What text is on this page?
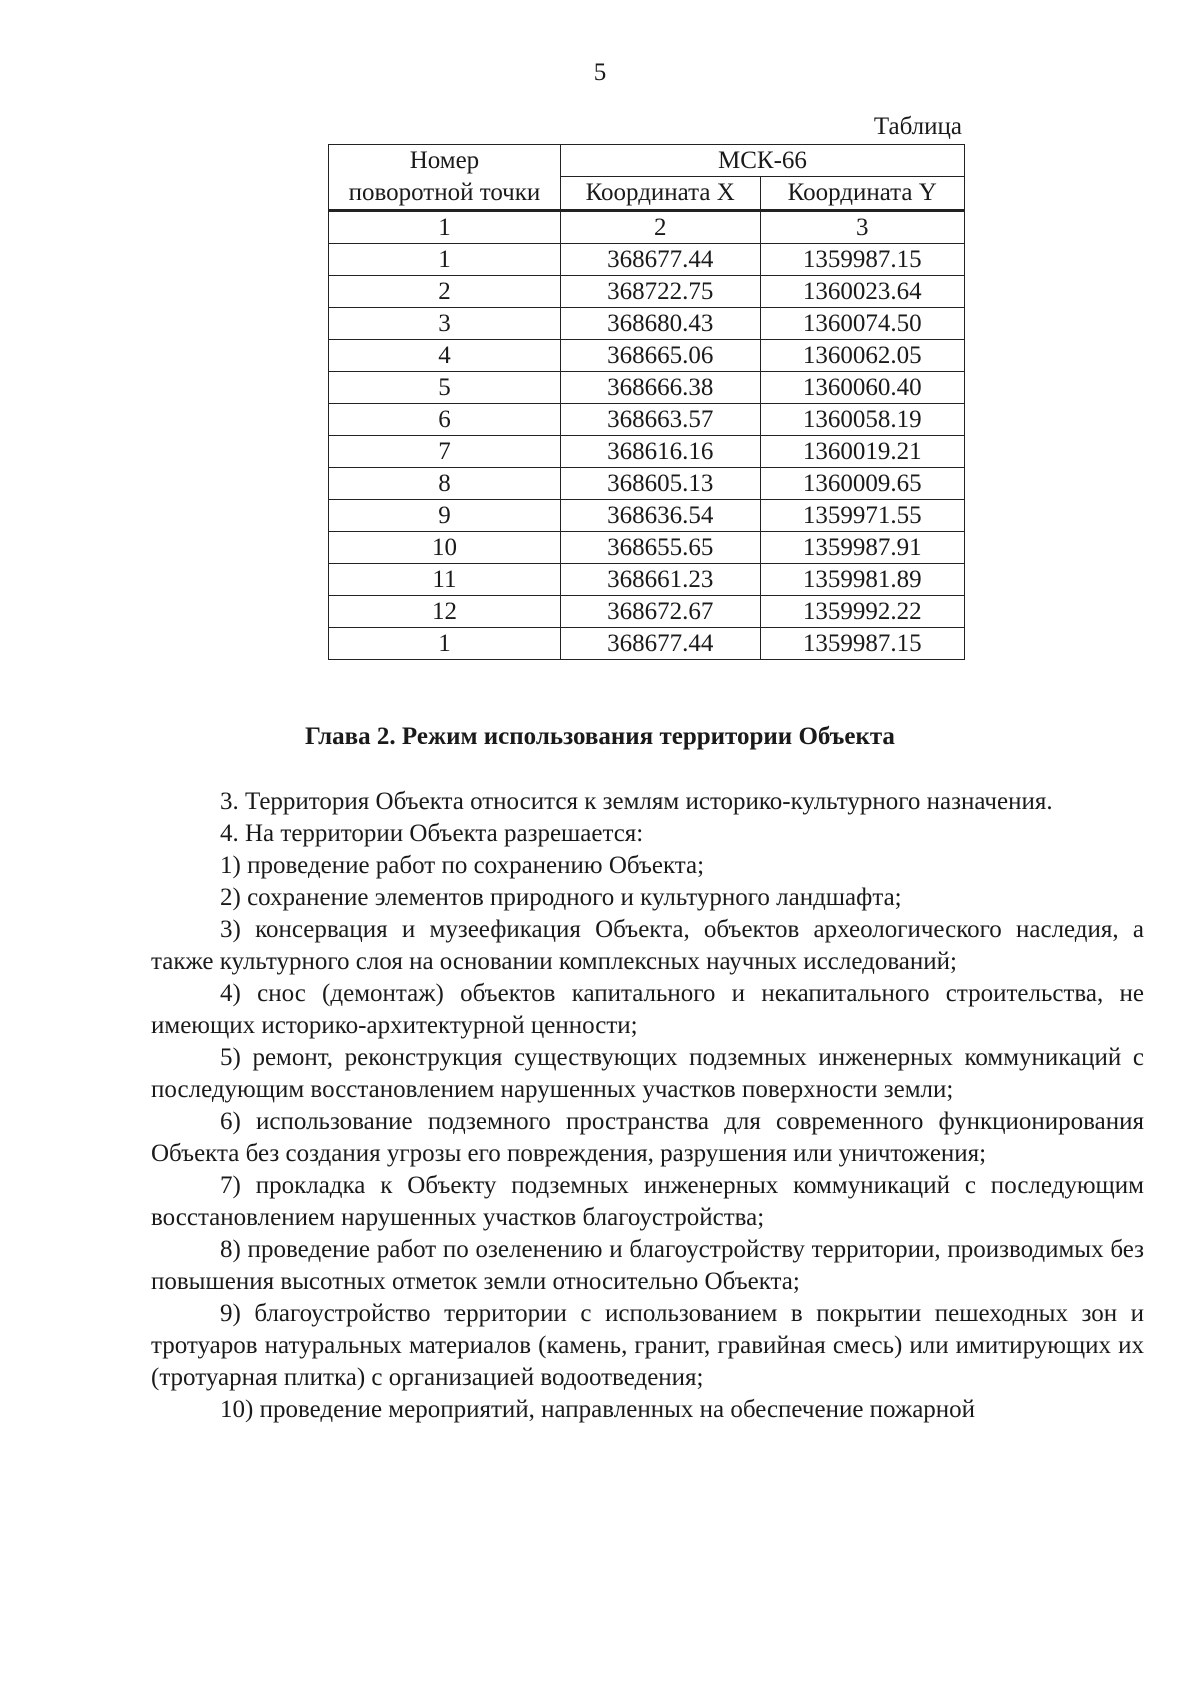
5
Таблица
Номер
поворотной точки	МСК-66	
	Координата X	Координата Y
1	2	3
1	368677.44	1359987.15
2	368722.75	1360023.64
3	368680.43	1360074.50
4	368665.06	1360062.05
5	368666.38	1360060.40
6	368663.57	1360058.19
7	368616.16	1360019.21
8	368605.13	1360009.65
9	368636.54	1359971.55
10	368655.65	1359987.91
11	368661.23	1359981.89
12	368672.67	1359992.22
1	368677.44	1359987.15
Глава 2. Режим использования территории Объекта

3. Территория Объекта относится к землям историко-культурного назначения.

4. На территории Объекта разрешается:

1) проведение работ по сохранению Объекта;

2) сохранение элементов природного и культурного ландшафта;

3) консервация и музеефикация Объекта, объектов археологического наследия, а также культурного слоя на основании комплексных научных исследований;

4) снос (демонтаж) объектов капитального и некапитального строительства, не имеющих историко-архитектурной ценности;

5) ремонт, реконструкция существующих подземных инженерных коммуникаций с последующим восстановлением нарушенных участков поверхности земли;

6) использование подземного пространства для современного функционирования Объекта без создания угрозы его повреждения, разрушения или уничтожения;

7) прокладка к Объекту подземных инженерных коммуникаций с последующим восстановлением нарушенных участков благоустройства;

8) проведение работ по озеленению и благоустройству территории, производимых без повышения высотных отметок земли относительно Объекта;

9) благоустройство территории с использованием в покрытии пешеходных зон и тротуаров натуральных материалов (камень, гранит, гравийная смесь) или имитирующих их (тротуарная плитка) с организацией водоотведения;

10) проведение мероприятий, направленных на обеспечение пожарной
